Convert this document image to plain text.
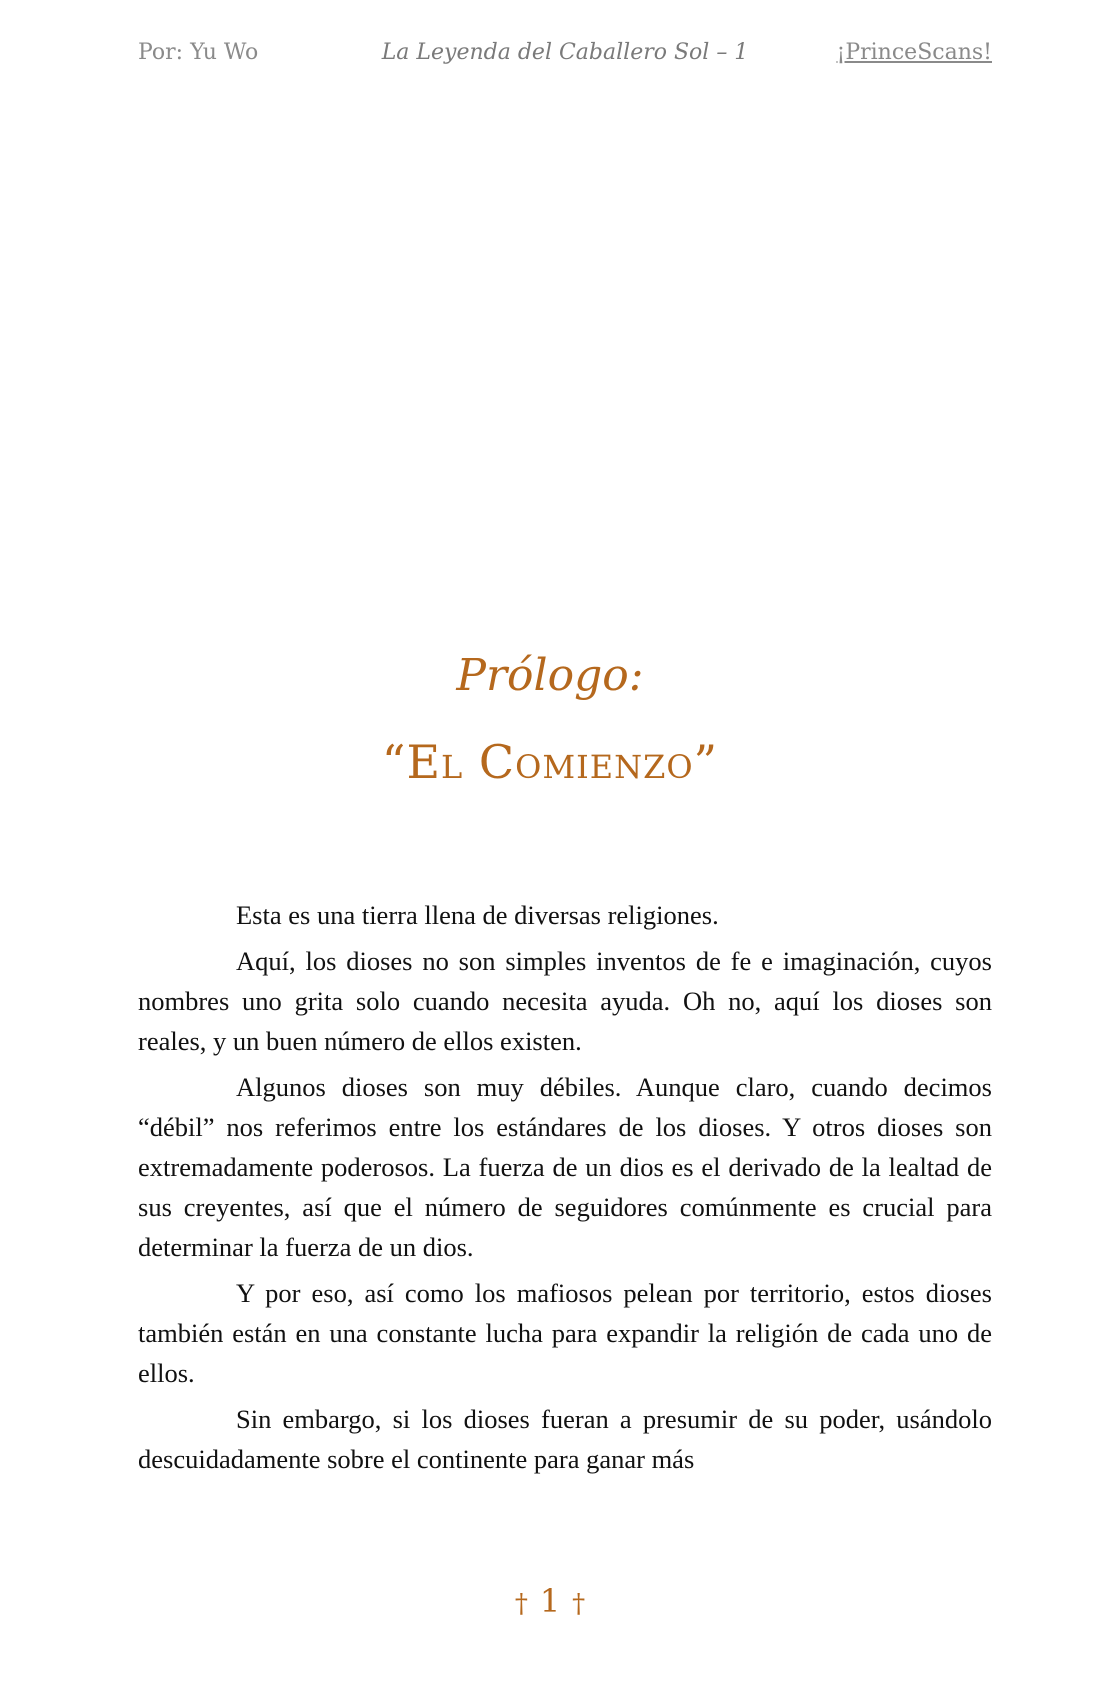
Por: Yu Wo	La Leyenda del Caballero Sol – 1	¡PrinceScans!
Prólogo:
“El Comienzo”

Esta es una tierra llena de diversas religiones.

Aquí, los dioses no son simples inventos de fe e imaginación, cuyos nombres uno grita solo cuando necesita ayuda. Oh no, aquí los dioses son reales, y un buen número de ellos existen.

Algunos dioses son muy débiles. Aunque claro, cuando decimos “débil” nos referimos entre los estándares de los dioses. Y otros dioses son extremadamente poderosos. La fuerza de un dios es el derivado de la lealtad de sus creyentes, así que el número de seguidores comúnmente es crucial para determinar la fuerza de un dios.

Y por eso, así como los mafiosos pelean por territorio, estos dioses también están en una constante lucha para expandir la religión de cada uno de ellos.

Sin embargo, si los dioses fueran a presumir de su poder, usándolo descuidadamente sobre el continente para ganar más

† 1 †
